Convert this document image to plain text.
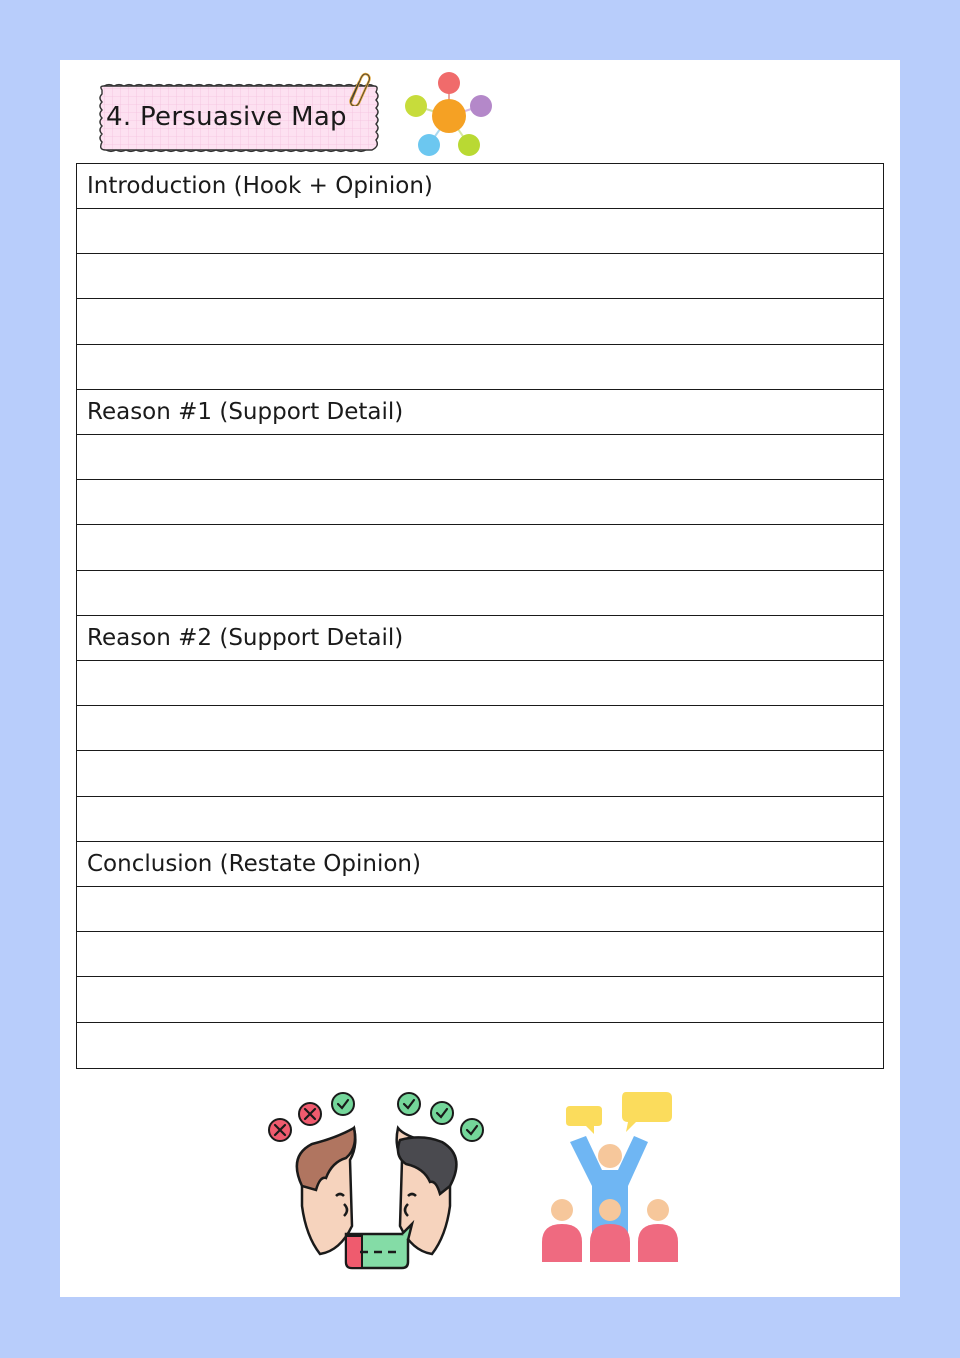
4. Persuasive Map
Introduction (Hook + Opinion)
Reason #1 (Support Detail)
Reason #2 (Support Detail)
Conclusion (Restate Opinion)
